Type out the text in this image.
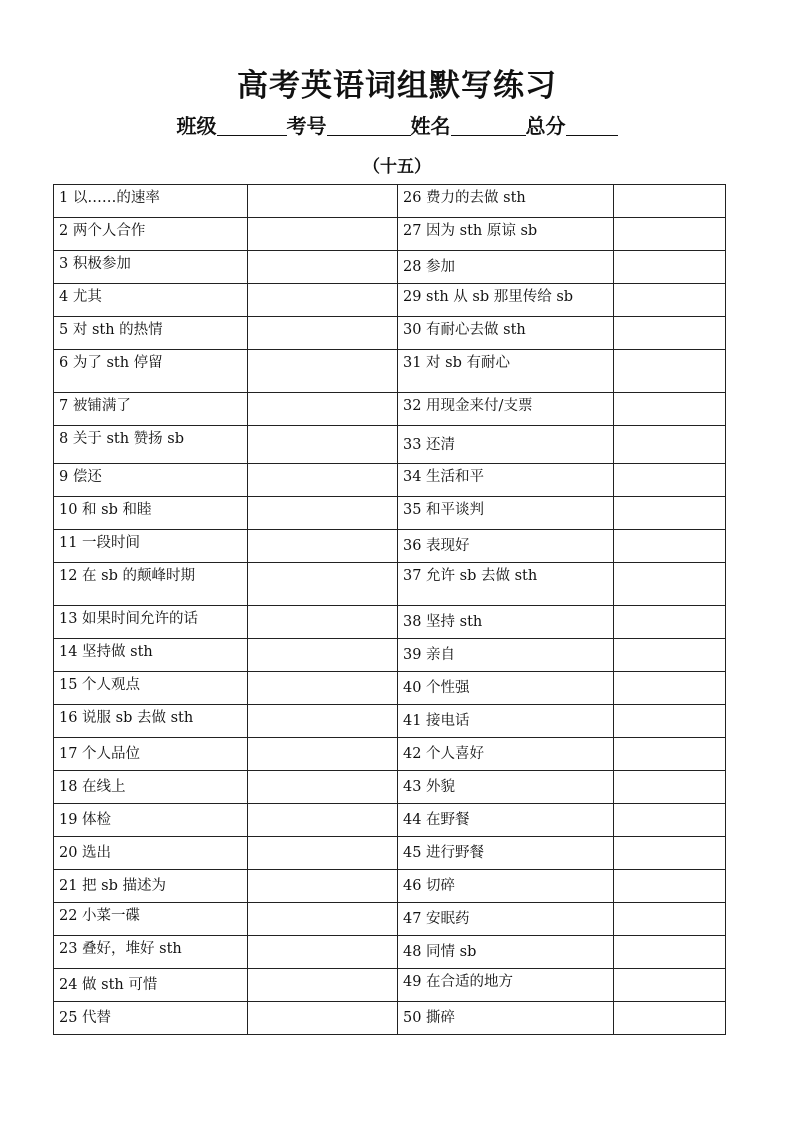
高考英语词组默写练习
班级	考号	姓名	总分
（十五）
1 以……的速率		26 费力的去做 sth	
2 两个人合作		27 因为 sth 原谅 sb	
3 积极参加		28 参加	
4 尤其		29 sth 从 sb 那里传给 sb	
5 对 sth 的热情		30 有耐心去做 sth	
6 为了 sth 停留		31 对 sb 有耐心	
7 被铺满了		32 用现金来付/支票	
8 关于 sth 赞扬 sb		33 还清	
9 偿还		34 生活和平	
10 和 sb 和睦		35 和平谈判	
11 一段时间		36 表现好	
12 在 sb 的颠峰时期		37 允许 sb 去做 sth	
13 如果时间允许的话		38 坚持 sth	
14 坚持做 sth		39 亲自	
15 个人观点		40 个性强	
16 说服 sb 去做 sth		41 接电话	
17 个人品位		42 个人喜好	
18 在线上		43 外貌	
19 体检		44 在野餐	
20 选出		45 进行野餐	
21 把 sb 描述为		46 切碎	
22 小菜一碟		47 安眠药	
23 叠好，堆好 sth		48 同情 sb	
24 做 sth 可惜		49 在合适的地方	
25 代替		50 撕碎	
